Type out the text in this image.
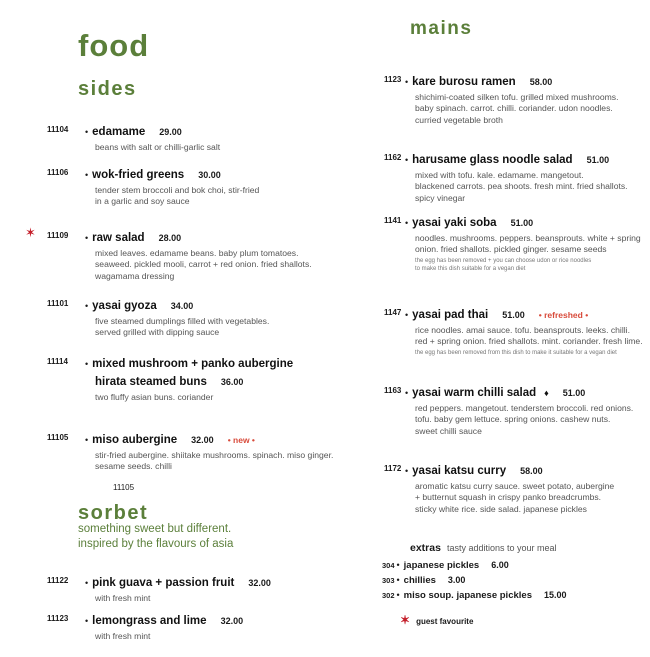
food
sides
mains
sorbet
something sweet but different.
inspired by the flavours of asia
11104 • edamame 29.00
beans with salt or chilli-garlic salt
11106 • wok-fried greens 30.00
tender stem broccoli and bok choi, stir-fried
in a garlic and soy sauce
11109
✶	• raw salad 28.00
mixed leaves. edamame beans. baby plum tomatoes.
seaweed. pickled mooli, carrot + red onion. fried shallots.
wagamama dressing
11101 • yasai gyoza 34.00
five steamed dumplings filled with vegetables.
served grilled with dipping sauce
11114 • mixed mushroom + panko aubergine
hirata steamed buns 36.00
two fluffy asian buns. coriander
11105 • miso aubergine 32.00 • new •
stir-fried aubergine. shiitake mushrooms. spinach. miso ginger.
sesame seeds. chilli
11105
11122 • pink guava + passion fruit 32.00
with fresh mint
11123 • lemongrass and lime 32.00
with fresh mint
1123 • kare burosu ramen 58.00
shichimi-coated silken tofu. grilled mixed mushrooms.
baby spinach. carrot. chilli. coriander. udon noodles.
curried vegetable broth
1162 • harusame glass noodle salad 51.00
mixed with tofu. kale. edamame. mangetout.
blackened carrots. pea shoots. fresh mint. fried shallots.
spicy vinegar
1141 • yasai yaki soba 51.00
noodles. mushrooms. peppers. beansprouts. white + spring
onion. fried shallots. pickled ginger. sesame seeds
the egg has been removed + you can choose udon or rice noodles
to make this dish suitable for a vegan diet
1147 • yasai pad thai 51.00 • refreshed •
rice noodles. amai sauce. tofu. beansprouts. leeks. chilli.
red + spring onion. fried shallots. mint. coriander. fresh lime.
the egg has been removed from this dish to make it suitable for a vegan diet
1163 • yasai warm chilli salad ♦ 51.00
red peppers. mangetout. tenderstem broccoli. red onions.
tofu. baby gem lettuce. spring onions. cashew nuts.
sweet chilli sauce
1172 • yasai katsu curry 58.00
aromatic katsu curry sauce. sweet potato, aubergine
+ butternut squash in crispy panko breadcrumbs.
sticky white rice. side salad. japanese pickles
extras tasty additions to your meal
304 • japanese pickles 6.00
303 • chillies 3.00
302 • miso soup. japanese pickles 15.00
✶ guest favourite
